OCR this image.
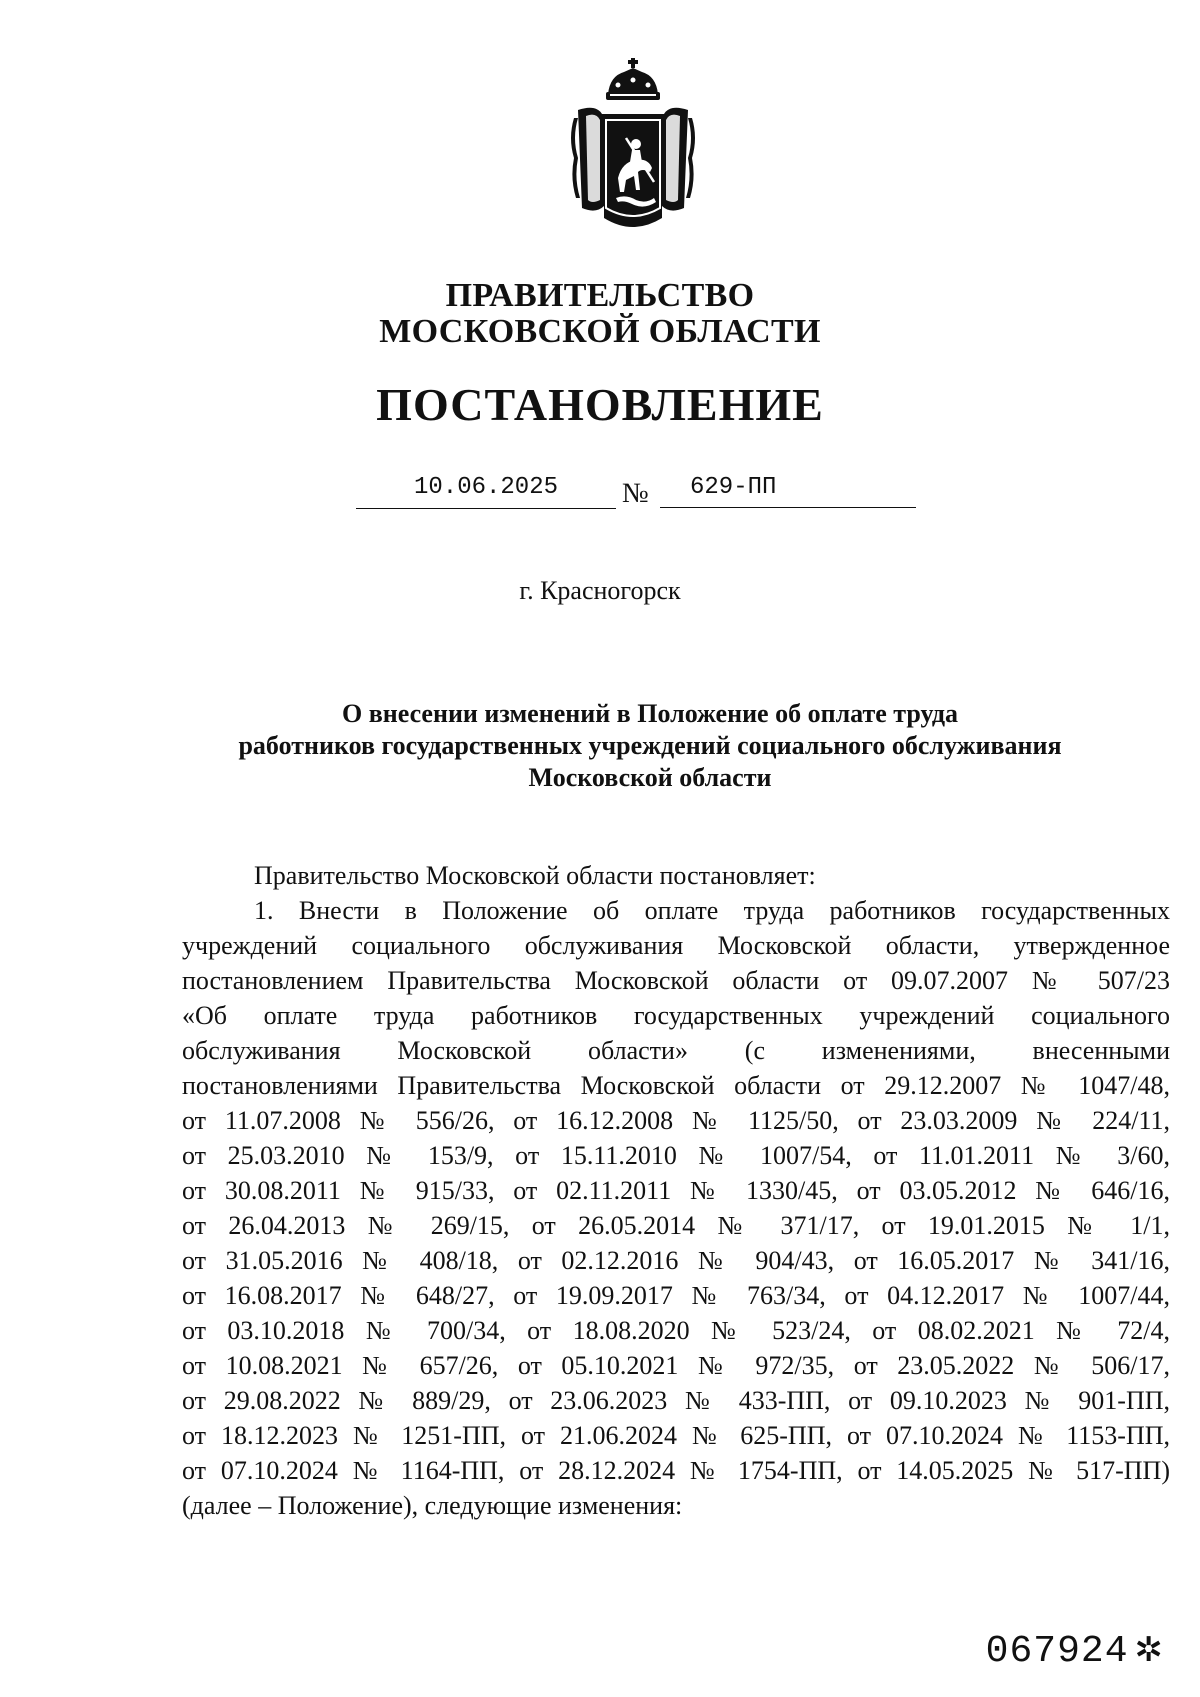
ПРАВИТЕЛЬСТВО
МОСКОВСКОЙ ОБЛАСТИ
ПОСТАНОВЛЕНИЕ
10.06.2025	№	629-ПП
г. Красногорск
О внесении изменений в Положение об оплате труда
работников государственных учреждений социального обслуживания
Московской области
Правительство Московской области постановляет:
1. Внести в Положение об оплате труда работников государственных
учреждений социального обслуживания Московской области, утвержденное
постановлением Правительства Московской области от 09.07.2007 № 507/23
«Об оплате труда работников государственных учреждений социального
обслуживания Московской области» (с изменениями, внесенными
постановлениями Правительства Московской области от 29.12.2007 № 1047/48,
от 11.07.2008 № 556/26, от 16.12.2008 № 1125/50, от 23.03.2009 № 224/11,
от 25.03.2010 № 153/9, от 15.11.2010 № 1007/54, от 11.01.2011 № 3/60,
от 30.08.2011 № 915/33, от 02.11.2011 № 1330/45, от 03.05.2012 № 646/16,
от 26.04.2013 № 269/15, от 26.05.2014 № 371/17, от 19.01.2015 № 1/1,
от 31.05.2016 № 408/18, от 02.12.2016 № 904/43, от 16.05.2017 № 341/16,
от 16.08.2017 № 648/27, от 19.09.2017 № 763/34, от 04.12.2017 № 1007/44,
от 03.10.2018 № 700/34, от 18.08.2020 № 523/24, от 08.02.2021 № 72/4,
от 10.08.2021 № 657/26, от 05.10.2021 № 972/35, от 23.05.2022 № 506/17,
от 29.08.2022 № 889/29, от 23.06.2023 № 433-ПП, от 09.10.2023 № 901-ПП,
от 18.12.2023 № 1251-ПП, от 21.06.2024 № 625-ПП, от 07.10.2024 № 1153-ПП,
от 07.10.2024 № 1164-ПП, от 28.12.2024 № 1754-ПП, от 14.05.2025 № 517-ПП)
(далее – Положение), следующие изменения:
067924 ✲
